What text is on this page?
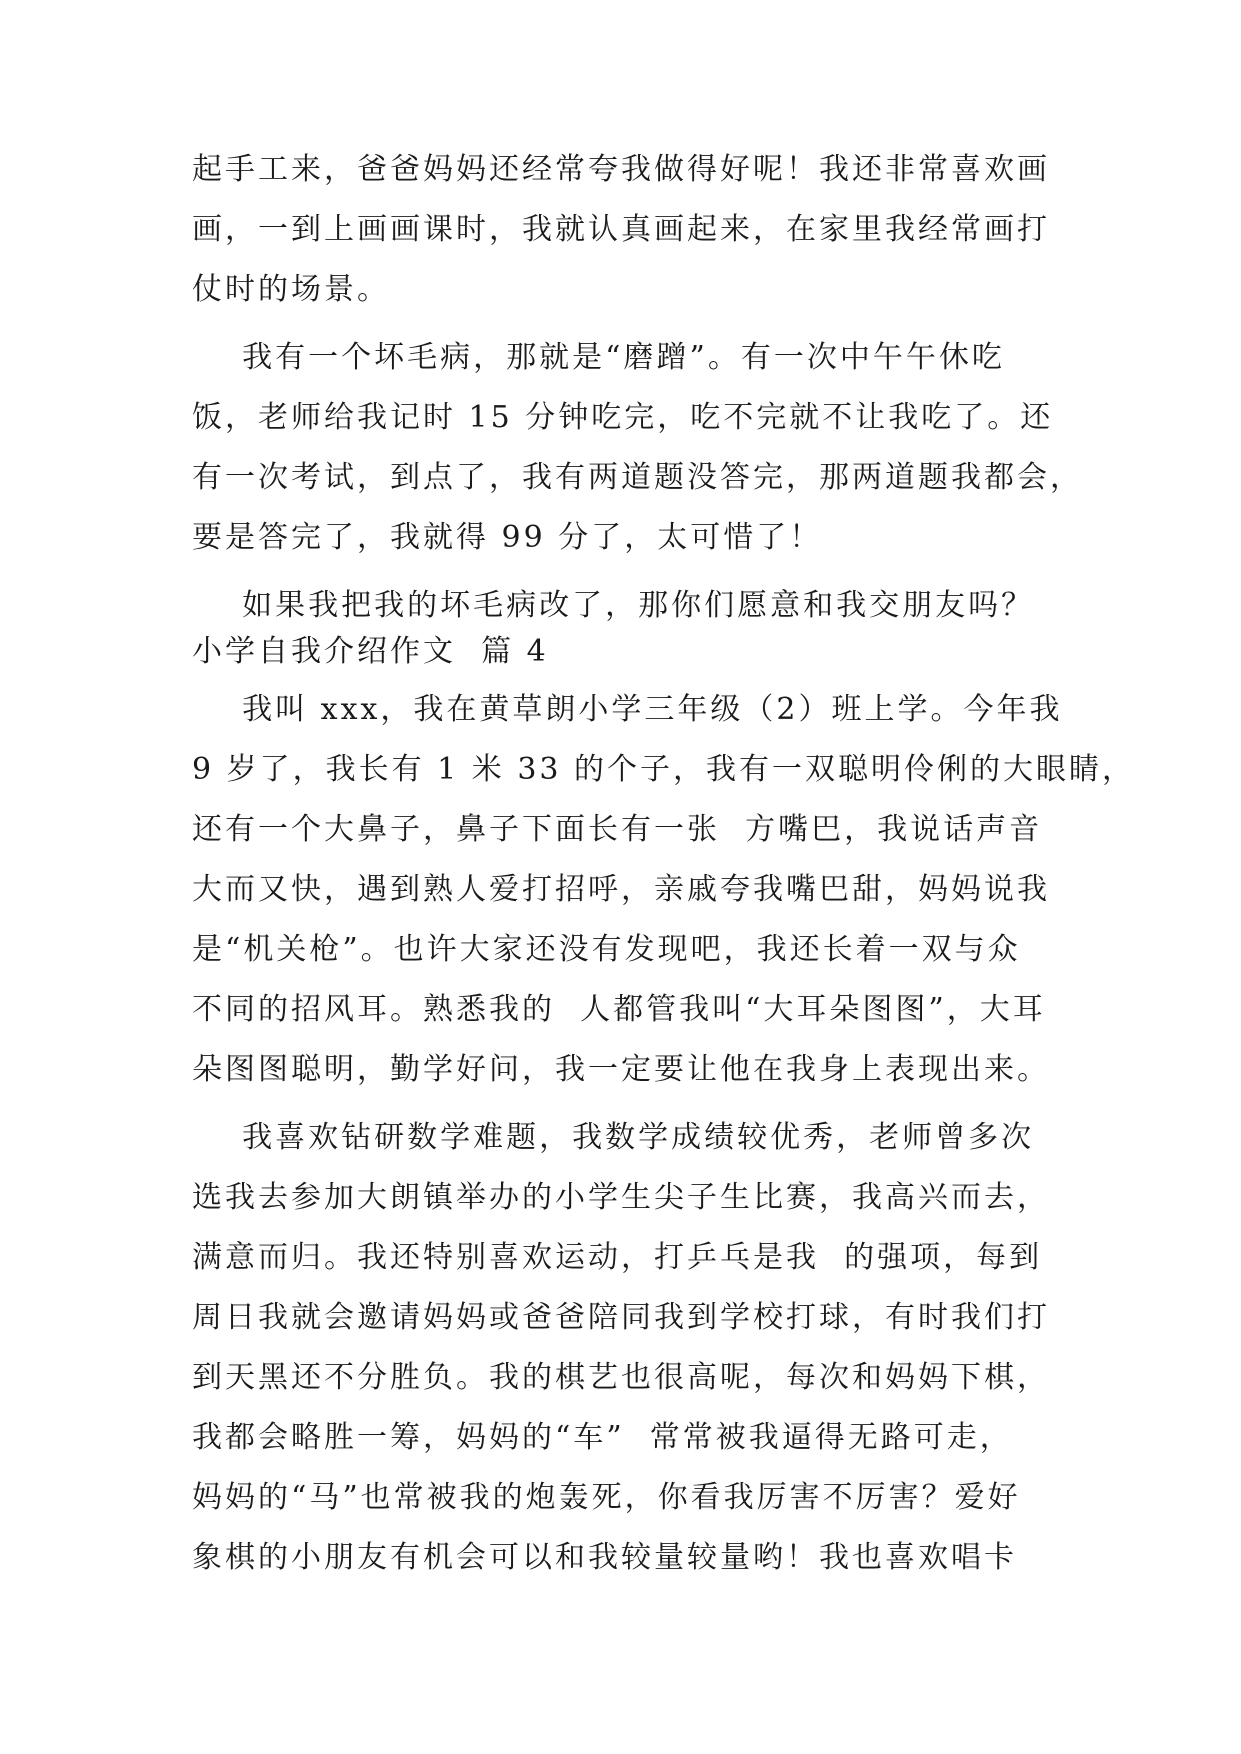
起手工来，爸爸妈妈还经常夸我做得好呢！我还非常喜欢画
画，一到上画画课时，我就认真画起来，在家里我经常画打
仗时的场景。
我有一个坏毛病，那就是“磨蹭”。有一次中午午休吃
饭，老师给我记时 15 分钟吃完，吃不完就不让我吃了。还
有一次考试，到点了，我有两道题没答完，那两道题我都会，
要是答完了，我就得 99 分了，太可惜了！
如果我把我的坏毛病改了，那你们愿意和我交朋友吗？
小学自我介绍作文  篇 4
我叫 xxx，我在黄草朗小学三年级（2）班上学。今年我
9 岁了，我长有 1 米 33 的个子，我有一双聪明伶俐的大眼睛，
还有一个大鼻子，鼻子下面长有一张  方嘴巴，我说话声音
大而又快，遇到熟人爱打招呼，亲戚夸我嘴巴甜，妈妈说我
是“机关枪”。也许大家还没有发现吧，我还长着一双与众
不同的招风耳。熟悉我的  人都管我叫“大耳朵图图”，大耳
朵图图聪明，勤学好问，我一定要让他在我身上表现出来。
我喜欢钻研数学难题，我数学成绩较优秀，老师曾多次
选我去参加大朗镇举办的小学生尖子生比赛，我高兴而去，
满意而归。我还特别喜欢运动，打乒乓是我  的强项，每到
周日我就会邀请妈妈或爸爸陪同我到学校打球，有时我们打
到天黑还不分胜负。我的棋艺也很高呢，每次和妈妈下棋，
我都会略胜一筹，妈妈的“车”  常常被我逼得无路可走，
妈妈的“马”也常被我的炮轰死，你看我厉害不厉害？爱好
象棋的小朋友有机会可以和我较量较量哟！我也喜欢唱卡
